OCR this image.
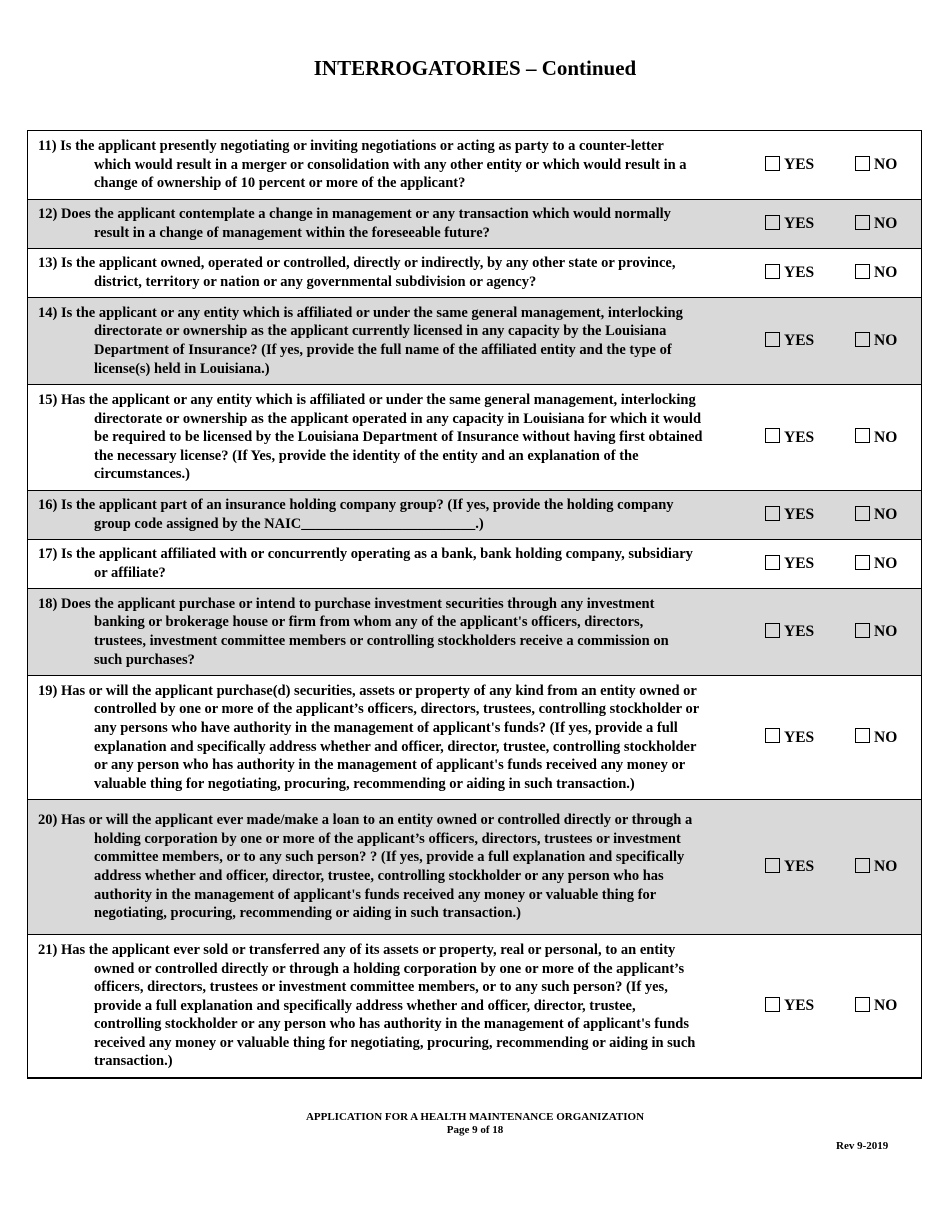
INTERROGATORIES – Continued
11) Is the applicant presently negotiating or inviting negotiations or acting as party to a counter-letter
which would result in a merger or consolidation with any other entity or which would result in a
change of ownership of 10 percent or more of the applicant?
YES	NO
12) Does the applicant contemplate a change in management or any transaction which would normally
result in a change of management within the foreseeable future?
YES	NO
13) Is the applicant owned, operated or controlled, directly or indirectly, by any other state or province,
district, territory or nation or any governmental subdivision or agency?
YES	NO
14) Is the applicant or any entity which is affiliated or under the same general management, interlocking
directorate or ownership as the applicant currently licensed in any capacity by the Louisiana
Department of Insurance? (If yes, provide the full name of the affiliated entity and the type of
license(s) held in Louisiana.)
YES	NO
15) Has the applicant or any entity which is affiliated or under the same general management, interlocking
directorate or ownership as the applicant operated in any capacity in Louisiana for which it would
be required to be licensed by the Louisiana Department of Insurance without having first obtained
the necessary license? (If Yes, provide the identity of the entity and an explanation of the
circumstances.)
YES	NO
16) Is the applicant part of an insurance holding company group? (If yes, provide the holding company
group code assigned by the NAIC________________________.)
YES	NO
17) Is the applicant affiliated with or concurrently operating as a bank, bank holding company, subsidiary
or affiliate?
YES	NO
18) Does the applicant purchase or intend to purchase investment securities through any investment
banking or brokerage house or firm from whom any of the applicant's officers, directors,
trustees, investment committee members or controlling stockholders receive a commission on
such purchases?
YES	NO
19) Has or will the applicant purchase(d) securities, assets or property of any kind from an entity owned or
controlled by one or more of the applicant’s officers, directors, trustees, controlling stockholder or
any persons who have authority in the management of applicant's funds? (If yes, provide a full
explanation and specifically address whether and officer, director, trustee, controlling stockholder
or any person who has authority in the management of applicant's funds received any money or
valuable thing for negotiating, procuring, recommending or aiding in such transaction.)
YES	NO
20) Has or will the applicant ever made/make a loan to an entity owned or controlled directly or through a
holding corporation by one or more of the applicant’s officers, directors, trustees or investment
committee members, or to any such person? ? (If yes, provide a full explanation and specifically
address whether and officer, director, trustee, controlling stockholder or any person who has
authority in the management of applicant's funds received any money or valuable thing for
negotiating, procuring, recommending or aiding in such transaction.)
YES	NO
21) Has the applicant ever sold or transferred any of its assets or property, real or personal, to an entity
owned or controlled directly or through a holding corporation by one or more of the applicant’s
officers, directors, trustees or investment committee members, or to any such person? (If yes,
provide a full explanation and specifically address whether and officer, director, trustee,
controlling stockholder or any person who has authority in the management of applicant's funds
received any money or valuable thing for negotiating, procuring, recommending or aiding in such
transaction.)
YES	NO
APPLICATION FOR A HEALTH MAINTENANCE ORGANIZATION
Page 9 of 18
Rev 9-2019
